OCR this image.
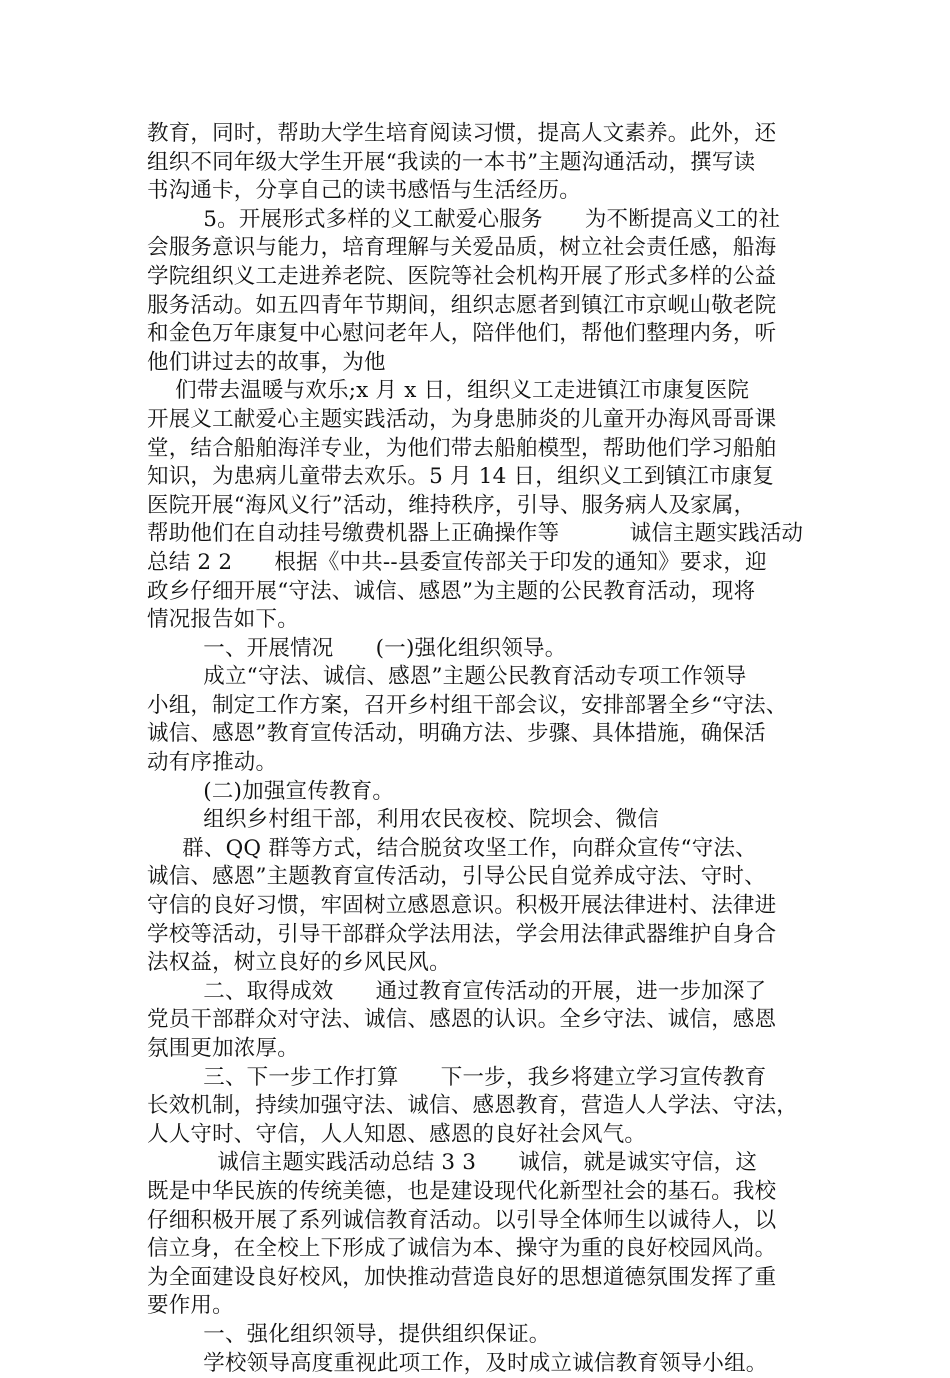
教育，同时，帮助大学生培育阅读习惯，提高人文素养。此外，还
组织不同年级大学生开展“我读的一本书”主题沟通活动，撰写读
书沟通卡，分享自己的读书感悟与生活经历。
5。开展形式多样的义工献爱心服务      为不断提高义工的社
会服务意识与能力，培育理解与关爱品质，树立社会责任感，船海
学院组织义工走进养老院、医院等社会机构开展了形式多样的公益
服务活动。如五四青年节期间，组织志愿者到镇江市京岘山敬老院
和金色万年康复中心慰问老年人，陪伴他们，帮他们整理内务，听
他们讲过去的故事，为他
们带去温暖与欢乐;x 月 x 日，组织义工走进镇江市康复医院
开展义工献爱心主题实践活动，为身患肺炎的儿童开办海风哥哥课
堂，结合船舶海洋专业，为他们带去船舶模型，帮助他们学习船舶
知识，为患病儿童带去欢乐。5 月 14 日，组织义工到镇江市康复
医院开展“海风义行”活动，维持秩序，引导、服务病人及家属，
帮助他们在自动挂号缴费机器上正确操作等          诚信主题实践活动
总结 2 2      根据《中共--县委宣传部关于印发的通知》要求，迎
政乡仔细开展“守法、诚信、感恩”为主题的公民教育活动，现将
情况报告如下。
一、开展情况      (一)强化组织领导。
成立“守法、诚信、感恩”主题公民教育活动专项工作领导
小组，制定工作方案，召开乡村组干部会议，安排部署全乡“守法、
诚信、感恩”教育宣传活动，明确方法、步骤、具体措施，确保活
动有序推动。
(二)加强宣传教育。
组织乡村组干部，利用农民夜校、院坝会、微信
群、QQ 群等方式，结合脱贫攻坚工作，向群众宣传“守法、
诚信、感恩”主题教育宣传活动，引导公民自觉养成守法、守时、
守信的良好习惯，牢固树立感恩意识。积极开展法律进村、法律进
学校等活动，引导干部群众学法用法，学会用法律武器维护自身合
法权益，树立良好的乡风民风。
二、取得成效      通过教育宣传活动的开展，进一步加深了
党员干部群众对守法、诚信、感恩的认识。全乡守法、诚信，感恩
氛围更加浓厚。
三、下一步工作打算      下一步，我乡将建立学习宣传教育
长效机制，持续加强守法、诚信、感恩教育，营造人人学法、守法，
人人守时、守信，人人知恩、感恩的良好社会风气。
诚信主题实践活动总结 3 3      诚信，就是诚实守信，这
既是中华民族的传统美德，也是建设现代化新型社会的基石。我校
仔细积极开展了系列诚信教育活动。以引导全体师生以诚待人，以
信立身，在全校上下形成了诚信为本、操守为重的良好校园风尚。
为全面建设良好校风，加快推动营造良好的思想道德氛围发挥了重
要作用。
一、强化组织领导，提供组织保证。
学校领导高度重视此项工作，及时成立诚信教育领导小组。
